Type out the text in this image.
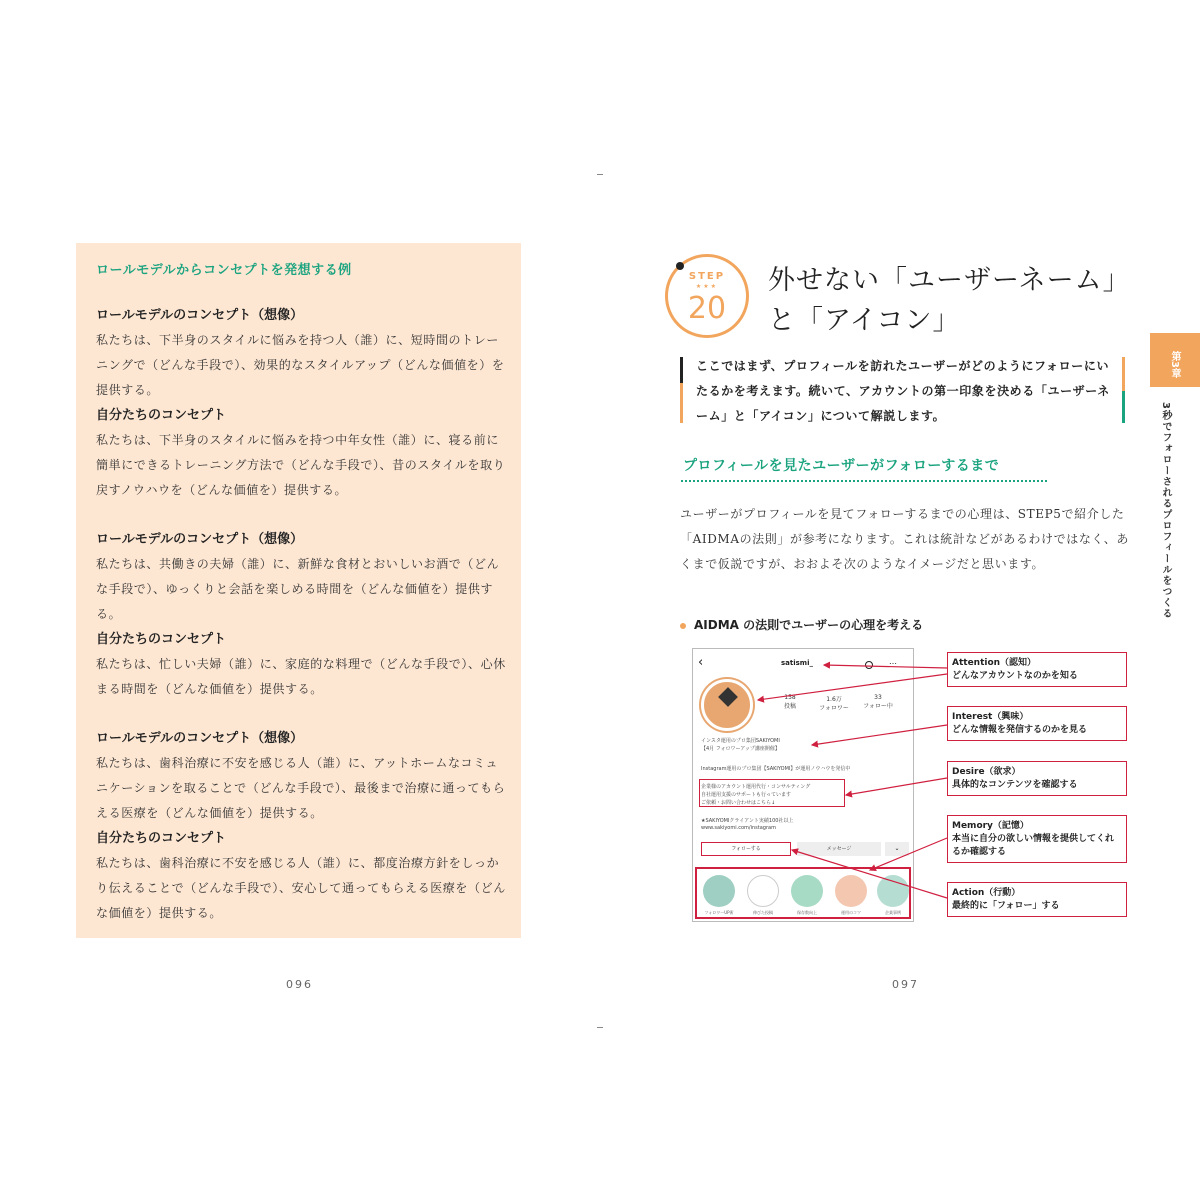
ロールモデルからコンセプトを発想する例
ロールモデルのコンセプト（想像）
私たちは、下半身のスタイルに悩みを持つ人（誰）に、短時間のトレーニングで（どんな手段で）、効果的なスタイルアップ（どんな価値を）を提供する。
自分たちのコンセプト
私たちは、下半身のスタイルに悩みを持つ中年女性（誰）に、寝る前に簡単にできるトレーニング方法で（どんな手段で）、昔のスタイルを取り戻すノウハウを（どんな価値を）提供する。
ロールモデルのコンセプト（想像）
私たちは、共働きの夫婦（誰）に、新鮮な食材とおいしいお酒で（どんな手段で）、ゆっくりと会話を楽しめる時間を（どんな価値を）提供する。
自分たちのコンセプト
私たちは、忙しい夫婦（誰）に、家庭的な料理で（どんな手段で）、心休まる時間を（どんな価値を）提供する。
ロールモデルのコンセプト（想像）
私たちは、歯科治療に不安を感じる人（誰）に、アットホームなコミュニケーションを取ることで（どんな手段で）、最後まで治療に通ってもらえる医療を（どんな価値を）提供する。
自分たちのコンセプト
私たちは、歯科治療に不安を感じる人（誰）に、都度治療方針をしっかり伝えることで（どんな手段で）、安心して通ってもらえる医療を（どんな価値を）提供する。
096
STEP
★★★
20
外せない「ユーザーネーム」
と「アイコン」
ここではまず、プロフィールを訪れたユーザーがどのようにフォローにいたるかを考えます。続いて、アカウントの第一印象を決める「ユーザーネーム」と「アイコン」について解説します。
第3章
3秒でフォローされるプロフィールをつくる
プロフィールを見たユーザーがフォローするまで
ユーザーがプロフィールを見てフォローするまでの心理は、STEP5で紹介した「AIDMAの法則」が参考になります。これは統計などがあるわけではなく、あくまで仮説ですが、おおよそ次のようなイメージだと思います。
AIDMA の法則でユーザーの心理を考える
‹	satismi_	…
158
投稿
1.6万
フォロワー
33
フォロー中
インスタ運用のプロ集団SAKIYOMI
【4月 フォロワーアップ講座開催】
Instagram運用のプロ集団【SAKIYOMI】が運用ノウハウを発信中
企業様のアカウント運用代行・コンサルティング
自社運用支援のサポートも行っています
ご依頼・お問い合わせはこちら↓
★SAKIYOMIクライアント実績100社以上
www.sakiyomi.com/instagram
フォローする	メッセージ	⌄
フォロワーUP術	伸びた投稿	保存数向上	運用のコツ	企業事例
Attention（認知）
どんなアカウントなのかを知る
Interest（興味）
どんな情報を発信するのかを見る
Desire（欲求）
具体的なコンテンツを確認する
Memory（記憶）
本当に自分の欲しい情報を提供してくれるか確認する
Action（行動）
最終的に「フォロー」する
097
